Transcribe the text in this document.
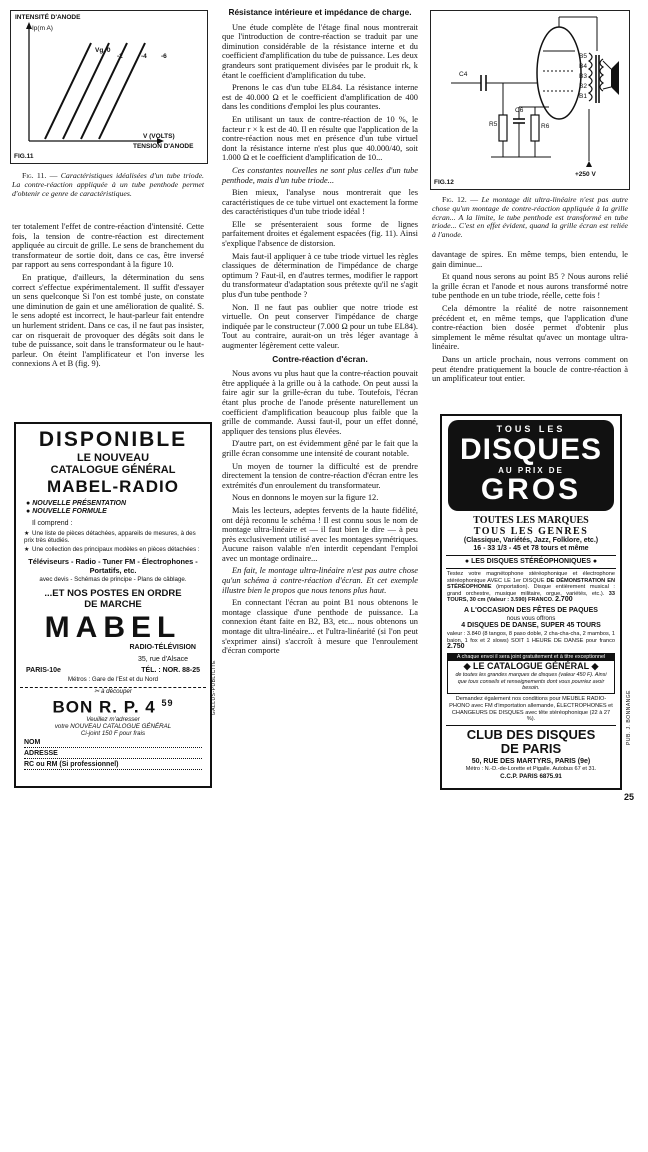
INTENSITÉ D'ANODE
Ip(m A)
Vg. 0
-2	-4 -6
V (VOLTS)
TENSION D'ANODE
FIG.11

Fig. 11. — Caractéristiques idéalisées d'un tube triode. La contre-réaction appliquée à un tube penthode permet d'obtenir ce genre de caractéristiques.

ter totalement l'effet de contre-réaction d'intensité. Cette fois, la tension de contre-réaction est directement appliquée au circuit de grille. Le sens de branchement du transformateur de sortie doit, dans ce cas, être inversé par rapport au sens correspondant à la figure 10.

En pratique, d'ailleurs, la détermination du sens correct s'effectue expérimentalement. Il suffit d'essayer un sens quelconque Si l'on est tombé juste, on constate une diminution de gain et une amélioration de qualité. S. le sens adopté est incorrect, le haut-parleur fait entendre un hurlement strident. Dans ce cas, il ne faut pas insister, car on risquerait de provoquer des dégâts soit dans le tube de puissance, soit dans le transformateur ou le haut-parleur. On éteint l'amplificateur et l'on inverse les connexions A et B (fig. 9).

Résistance intérieure et impédance de charge.

Une étude complète de l'étage final nous montrerait que l'introduction de contre-réaction se traduit par une diminution considérable de la résistance interne et du coefficient d'amplification du tube de puissance. Les deux grandeurs sont pratiquement divisées par le produit rk, k étant le coefficient d'amplification du tube.

Prenons le cas d'un tube EL84. La résistance interne est de 40.000 Ω et le coefficient d'amplification de 400 dans les conditions d'emploi les plus courantes.

En utilisant un taux de contre-réaction de 10 %, le facteur r × k est de 40. Il en résulte que l'application de la contre-réaction nous met en présence d'un tube virtuel dont la résistance interne n'est plus que 40.000/40, soit 1.000 Ω et le coefficient d'amplification de 10...

Ces constantes nouvelles ne sont plus celles d'un tube penthode, mais d'un tube triode...

Bien mieux, l'analyse nous montrerait que les caractéristiques de ce tube virtuel ont exactement la forme des caractéristiques d'un tube triode idéal !

Elle se présenteraient sous forme de lignes parfaitement droites et également espacées (fig. 11). Ainsi s'explique l'absence de distorsion.

Mais faut-il appliquer à ce tube triode virtuel les règles classiques de détermination de l'impédance de charge optimum ? Faut-il, en d'autres termes, modifier le rapport du transformateur d'adaptation sous prétexte qu'il ne s'agit plus d'un tube penthode ?

Non. Il ne faut pas oublier que notre triode est virtuelle. On peut conserver l'impédance de charge indiquée par le constructeur (7.000 Ω pour un tube EL84). Tout au contraire, aurait-on un très léger avantage à augmenter légèrement cette valeur.

Contre-réaction d'écran.

Nous avons vu plus haut que la contre-réaction pouvait être appliquée à la grille ou à la cathode. On peut aussi la faire agir sur la grille-écran du tube. Toutefois, l'écran étant plus proche de l'anode présente naturellement un coefficient d'amplification beaucoup plus faible que la grille de commande. Aussi faut-il, pour un effet donné, appliquer des tensions plus élevées.

D'autre part, on est évidemment gêné par le fait que la grille écran consomme une intensité de courant notable.

Un moyen de tourner la difficulté est de prendre directement la tension de contre-réaction d'écran entre les extrémités d'un enroulement du transformateur.

Nous en donnons le moyen sur la figure 12.

Mais les lecteurs, adeptes fervents de la haute fidélité, ont déjà reconnu le schéma ! Il est connu sous le nom de montage ultra-linéaire et — il faut bien le dire — à peu près exclusivement utilisé avec les montages symétriques. Aucune raison valable n'en interdit cependant l'emploi avec un montage ordinaire...

En fait, le montage ultra-linéaire n'est pas autre chose qu'un schéma à contre-réaction d'écran. Et cet exemple illustre bien le propos que nous tenons plus haut.

En connectant l'écran au point B1 nous obtenons le montage classique d'une penthode de puissance. La connexion étant faite en B2, B3, etc... nous obtenons un montage dit ultra-linéaire... et l'ultra-linéarité (si l'on peut s'exprimer ainsi) s'accroît à mesure que l'enroulement d'écran comporte

C4
C6
R5	R6
B5
B4
B3
B2
B1
+250 V
FIG.12

Fig. 12. — Le montage dit ultra-linéaire n'est pas autre chose qu'un montage de contre-réaction appliquée à la grille écran... A la limite, le tube penthode est transformé en tube triode... C'est en effet évident, quand la grille écran est reliée à l'anode.

davantage de spires. En même temps, bien entendu, le gain diminue...

Et quand nous serons au point B5 ? Nous aurons relié la grille écran et l'anode et nous aurons transformé notre tube penthode en un tube triode, réelle, cette fois !

Cela démontre la réalité de notre raisonnement précédent et, en même temps, que l'application d'une contre-réaction bien dosée permet d'obtenir plus simplement le même résultat qu'avec un montage ultra-linéaire.

Dans un article prochain, nous verrons comment on peut étendre pratiquement la boucle de contre-réaction à un amplificateur tout entier.

DISPONIBLE
LE NOUVEAU
CATALOGUE GÉNÉRAL
MABEL-RADIO
● NOUVELLE PRÉSENTATION
● NOUVELLE FORMULE
Il comprend :
★ Une liste de pièces détachées, appareils de mesures, à des prix très étudiés.
★ Une collection des principaux modèles en pièces détachées :
Téléviseurs - Radio - Tuner FM - Électrophones - Portatifs, etc.
avec devis - Schémas de principe - Plans de câblage.
...ET NOS POSTES EN ORDRE
DE MARCHE
MABEL
RADIO-TÉLÉVISION
35, rue d'Alsace
PARIS-10e	TÉL. : NOR. 88-25
Métros : Gare de l'Est et du Nord
✂ à découper
BON R. P. 4 $^{59}$
Veuillez m'adresser
votre NOUVEAU CATALOGUE GÉNÉRAL
Ci-joint 150 F pour frais
NOM
ADRESSE
RC ou RM (Si professionnel)
GALLUS-PUBLICITÉ
TOUS LES
DISQUES
AU PRIX DE
GROS
TOUTES LES MARQUES
TOUS LES GENRES
(Classique, Variétés, Jazz, Folklore, etc.)
16 - 33 1/3 - 45 et 78 tours et même
● LES DISQUES STÉRÉOPHONIQUES ●
Testez votre magnétophone stéréophonique et électrophone stéréophonique AVEC LE 1er DISQUE DE DÉMONSTRATION EN STÉRÉOPHONIE (importation). Disque entièrement musical : grand orchestre, musique militaire, orgue, variétés, etc.). 33 TOURS, 30 cm (Valeur : 3.590) FRANCO. 2.700
A L'OCCASION DES FÊTES DE PAQUES
nous vous offrons
4 DISQUES DE DANSE, SUPER 45 TOURS
valeur : 3.840 (8 tangos, 8 paso doble, 2 cha-cha-cha, 2 mambos, 1 baion, 1 fox et 2 slows) SOIT 1 HEURE DE DANSE pour franco 2.750
A chaque envoi il sera joint gratuitement et à titre exceptionnel
◆ LE CATALOGUE GÉNÉRAL ◆
de toutes les grandes marques de disques (valeur 450 F). Ainsi que tous conseils et renseignements dont vous pourriez avoir besoin.
Demandez également nos conditions pour MEUBLE RADIO-PHONO avec FM d'importation allemande, ÉLECTROPHONES et CHANGEURS DE DISQUES avec tête stéréophonique (22 à 27 %).
CLUB DES DISQUES
DE PARIS
50, RUE DES MARTYRS, PARIS (9e)
Métro : N.-D.-de-Lorette et Pigalle. Autobus 67 et 31.
C.C.P. PARIS 6875.91
PUB. J. BONNANGE
25
